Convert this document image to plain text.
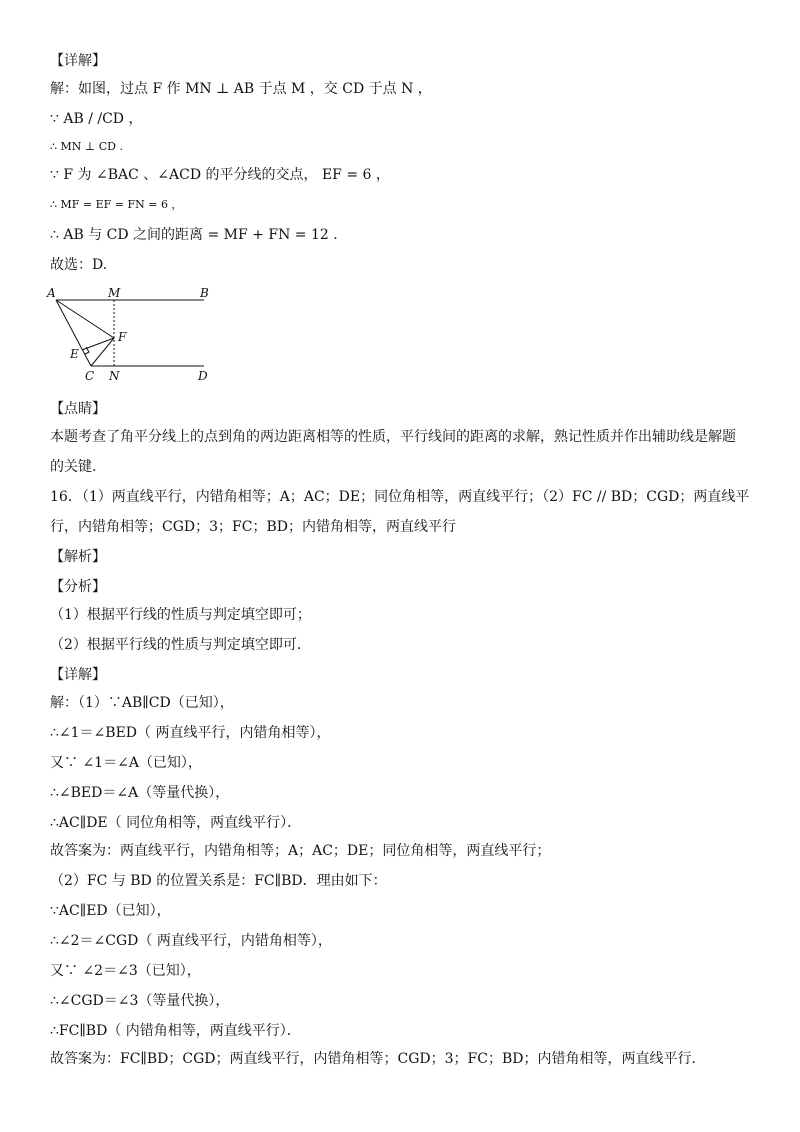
【详解】
解：如图，过点 F 作 MN ⊥ AB 于点 M ，交 CD 于点 N ，
∵ AB / /CD ，
∴ MN ⊥ CD .
∵ F 为 ∠BAC 、∠ACD 的平分线的交点， EF = 6 ，
∴ MF = EF = FN = 6 ，
∴ AB 与 CD 之间的距离 = MF + FN = 12 .
故选：D.
【点睛】
本题考查了角平分线上的点到角的两边距离相等的性质，平行线间的距离的求解，熟记性质并作出辅助线是解题
的关键．
16．（1）两直线平行，内错角相等；A；AC；DE；同位角相等，两直线平行；（2）FC // BD；CGD；两直线平
行，内错角相等；CGD；3；FC；BD；内错角相等，两直线平行
【解析】
【分析】
（1）根据平行线的性质与判定填空即可；
（2）根据平行线的性质与判定填空即可．
【详解】
解：（1）∵AB∥CD（已知），
∴∠1＝∠BED（ 两直线平行，内错角相等），
又∵ ∠1＝∠A（已知），
∴∠BED＝∠A（等量代换），
∴AC∥DE（ 同位角相等，两直线平行）．
故答案为：两直线平行，内错角相等；A；AC；DE；同位角相等，两直线平行；
（2）FC 与 BD 的位置关系是：FC∥BD．理由如下：
∵AC∥ED（已知），
∴∠2＝∠CGD（ 两直线平行，内错角相等），
又∵ ∠2＝∠3（已知），
∴∠CGD＝∠3（等量代换），
∴FC∥BD（ 内错角相等，两直线平行）．
故答案为：FC∥BD；CGD；两直线平行，内错角相等；CGD；3；FC；BD；内错角相等，两直线平行．
A	M	B
F
E
C N	D
